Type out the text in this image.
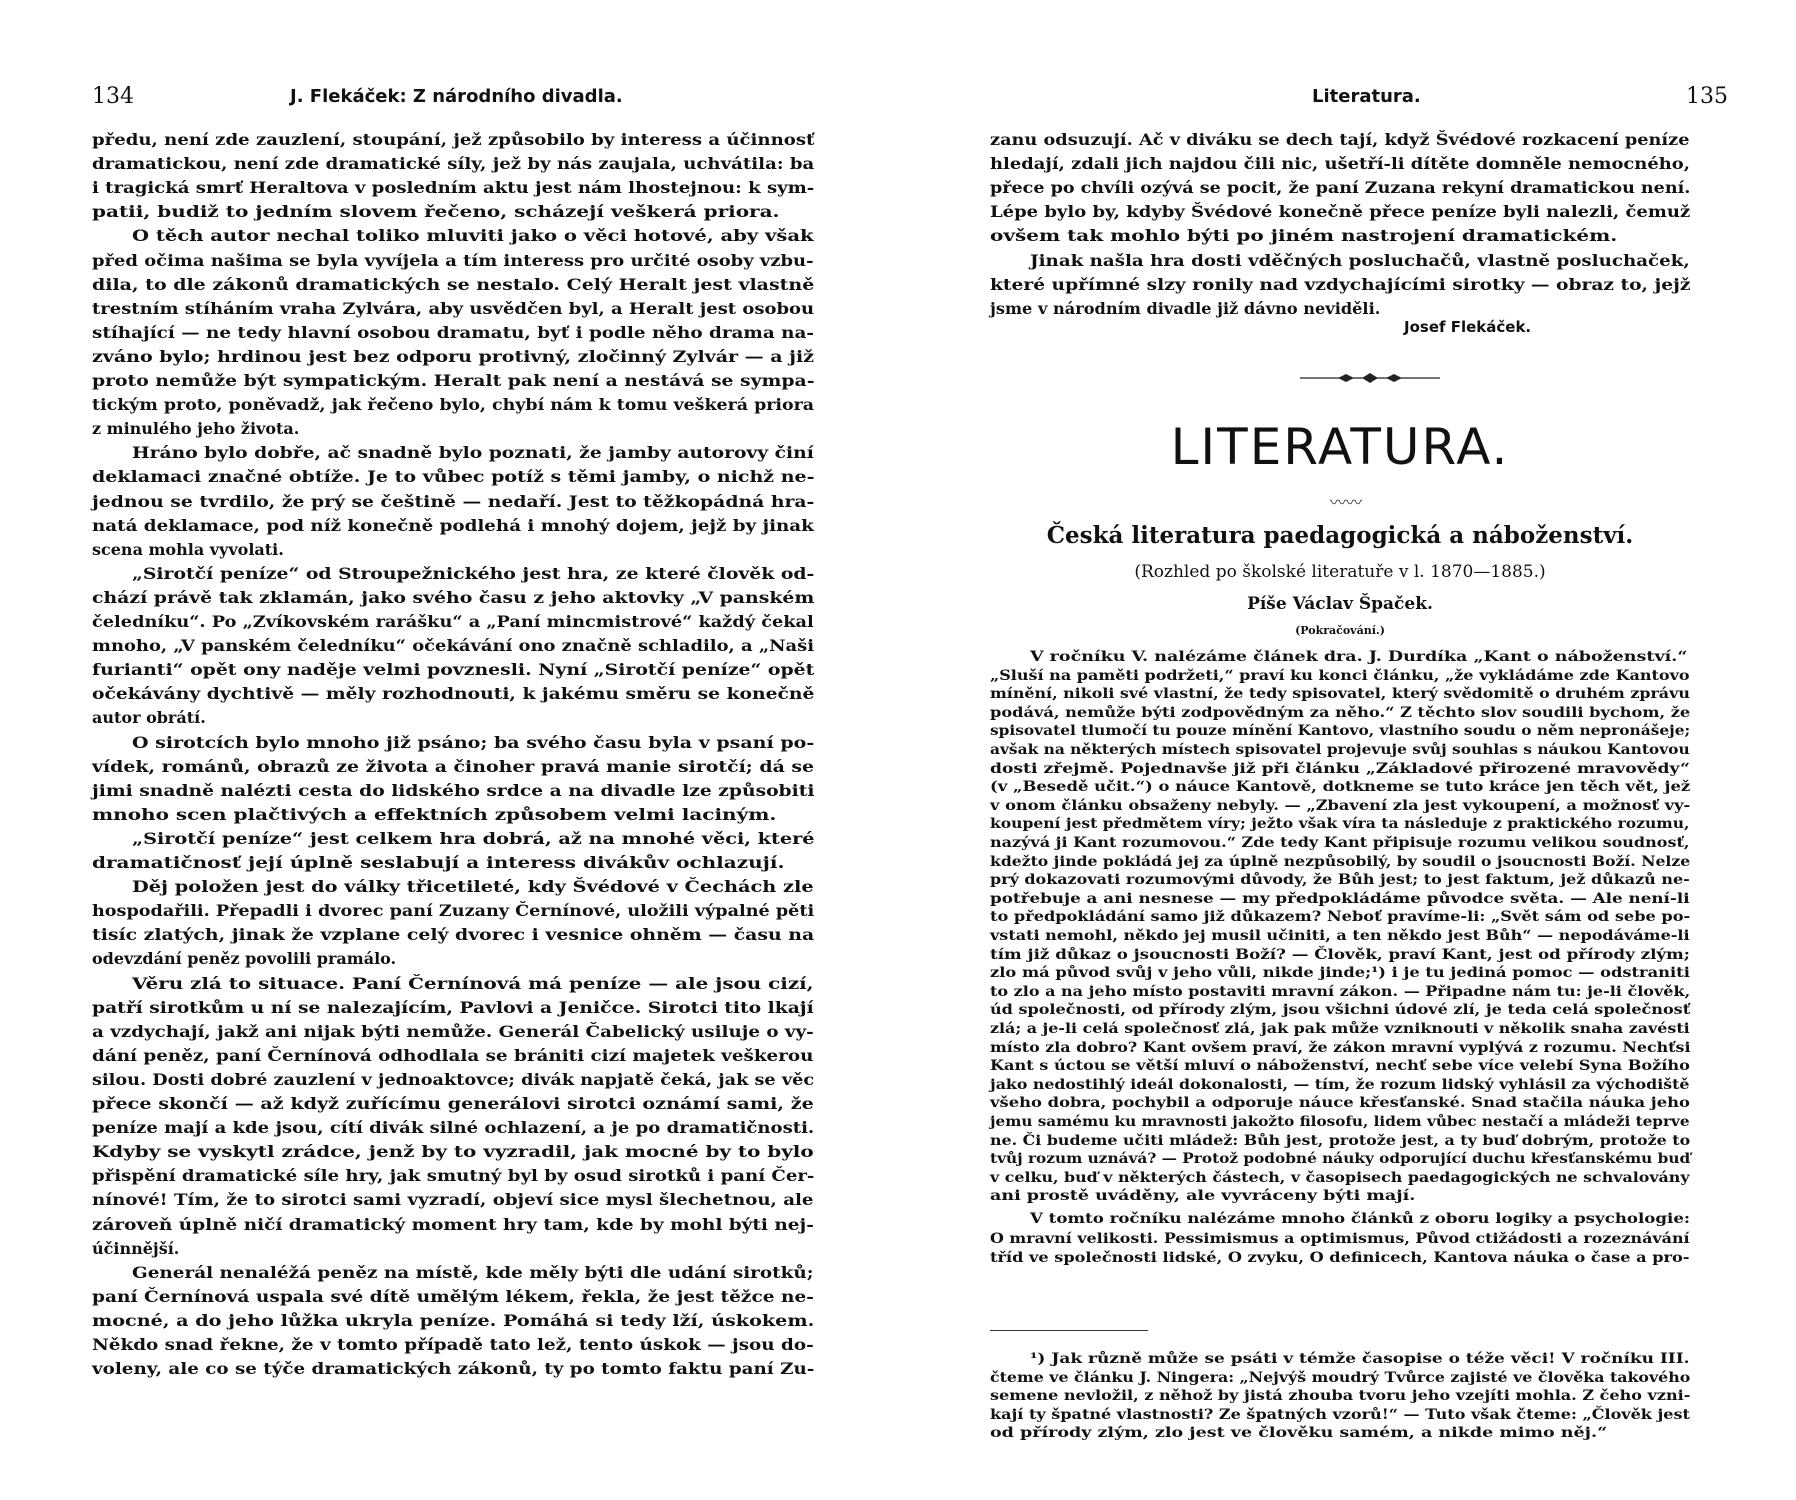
134	J. Flekáček: Z národního divadla.
předu, není zde zauzlení, stoupání, jež způsobilo by interess a účinnosť
dramatickou, není zde dramatické síly, jež by nás zaujala, uchvátila: ba
i tragická smrť Heraltova v posledním aktu jest nám lhostejnou: k sym-
patii, budiž to jedním slovem řečeno, scházejí veškerá priora.
O těch autor nechal toliko mluviti jako o věci hotové, aby však
před očima našima se byla vyvíjela a tím interess pro určité osoby vzbu-
dila, to dle zákonů dramatických se nestalo. Celý Heralt jest vlastně
trestním stíháním vraha Zylvára, aby usvědčen byl, a Heralt jest osobou
stíhající — ne tedy hlavní osobou dramatu, byť i podle něho drama na-
zváno bylo; hrdinou jest bez odporu protivný, zločinný Zylvár — a již
proto nemůže být sympatickým. Heralt pak není a nestává se sympa-
tickým proto, poněvadž, jak řečeno bylo, chybí nám k tomu veškerá priora
z minulého jeho života.
Hráno bylo dobře, ač snadně bylo poznati, že jamby autorovy činí
deklamaci značné obtíže. Je to vůbec potíž s těmi jamby, o nichž ne-
jednou se tvrdilo, že prý se češtině — nedaří. Jest to těžkopádná hra-
natá deklamace, pod níž konečně podlehá i mnohý dojem, jejž by jinak
scena mohla vyvolati.
„Sirotčí peníze“ od Stroupežnického jest hra, ze které člověk od-
chází právě tak zklamán, jako svého času z jeho aktovky „V panském
čeledníku“. Po „Zvíkovském rarášku“ a „Paní mincmistrové“ každý čekal
mnoho, „V panském čeledníku“ očekávání ono značně schladilo, a „Naši
furianti“ opět ony naděje velmi povznesli. Nyní „Sirotčí peníze“ opět
očekávány dychtivě — měly rozhodnouti, k jakému směru se konečně
autor obrátí.
O sirotcích bylo mnoho již psáno; ba svého času byla v psaní po-
vídek, románů, obrazů ze života a činoher pravá manie sirotčí; dá se
jimi snadně nalézti cesta do lidského srdce a na divadle lze způsobiti
mnoho scen plačtivých a effektních způsobem velmi laciným.
„Sirotčí peníze“ jest celkem hra dobrá, až na mnohé věci, které
dramatičnosť její úplně seslabují a interess divákův ochlazují.
Děj položen jest do války třicetileté, kdy Švédové v Čechách zle
hospodařili. Přepadli i dvorec paní Zuzany Černínové, uložili výpalné pěti
tisíc zlatých, jinak že vzplane celý dvorec i vesnice ohněm — času na
odevzdání peněz povolili pramálo.
Věru zlá to situace. Paní Černínová má peníze — ale jsou cizí,
patří sirotkům u ní se nalezajícím, Pavlovi a Jeničce. Sirotci tito lkají
a vzdychají, jakž ani nijak býti nemůže. Generál Čabelický usiluje o vy-
dání peněz, paní Černínová odhodlala se brániti cizí majetek veškerou
silou. Dosti dobré zauzlení v jednoaktovce; divák napjatě čeká, jak se věc
přece skončí — až když zuřícímu generálovi sirotci oznámí sami, že
peníze mají a kde jsou, cítí divák silné ochlazení, a je po dramatičnosti.
Kdyby se vyskytl zrádce, jenž by to vyzradil, jak mocné by to bylo
přispění dramatické síle hry, jak smutný byl by osud sirotků i paní Čer-
nínové! Tím, že to sirotci sami vyzradí, objeví sice mysl šlechetnou, ale
zároveň úplně ničí dramatický moment hry tam, kde by mohl býti nej-
účinnější.
Generál nenaléžá peněz na místě, kde měly býti dle udání sirotků;
paní Černínová uspala své dítě umělým lékem, řekla, že jest těžce ne-
mocné, a do jeho lůžka ukryla peníze. Pomáhá si tedy lží, úskokem.
Někdo snad řekne, že v tomto případě tato lež, tento úskok — jsou do-
voleny, ale co se týče dramatických zákonů, ty po tomto faktu paní Zu-
Literatura.	135
zanu odsuzují. Ač v diváku se dech tají, když Švédové rozkacení peníze
hledají, zdali jich najdou čili nic, ušetří-li dítěte domněle nemocného,
přece po chvíli ozývá se pocit, že paní Zuzana rekyní dramatickou není.
Lépe bylo by, kdyby Švédové konečně přece peníze byli nalezli, čemuž
ovšem tak mohlo býti po jiném nastrojení dramatickém.
Jinak našla hra dosti vděčných posluchačů, vlastně posluchaček,
které upřímné slzy ronily nad vzdychajícími sirotky — obraz to, jejž
jsme v národním divadle již dávno neviděli.
Josef Flekáček.
LITERATURA.
〰〰
Česká literatura paedagogická a náboženství.
(Rozhled po školské literatuře v l. 1870—1885.)
Píše Václav Špaček.
(Pokračování.)
V ročníku V. nalézáme článek dra. J. Durdíka „Kant o náboženství.“
„Sluší na paměti podržeti,“ praví ku konci článku, „že vykládáme zde Kantovo
mínění, nikoli své vlastní, že tedy spisovatel, který svědomitě o druhém zprávu
podává, nemůže býti zodpovědným za něho.“ Z těchto slov soudili bychom, že
spisovatel tlumočí tu pouze mínění Kantovo, vlastního soudu o něm nepronášeje;
avšak na některých místech spisovatel projevuje svůj souhlas s náukou Kantovou
dosti zřejmě. Pojednavše již při článku „Základové přirozené mravovědy“
(v „Besedě učit.“) o náuce Kantově, dotkneme se tuto kráce jen těch vět, jež
v onom článku obsaženy nebyly. — „Zbavení zla jest vykoupení, a možnosť vy-
koupení jest předmětem víry; ježto však víra ta následuje z praktického rozumu,
nazývá ji Kant rozumovou.“ Zde tedy Kant připisuje rozumu velikou soudnosť,
kdežto jinde pokládá jej za úplně nezpůsobilý, by soudil o jsoucnosti Boží. Nelze
prý dokazovati rozumovými důvody, že Bůh jest; to jest faktum, jež důkazů ne-
potřebuje a ani nesnese — my předpokládáme původce světa. — Ale není-li
to předpokládání samo již důkazem? Neboť pravíme-li: „Svět sám od sebe po-
vstati nemohl, někdo jej musil učiniti, a ten někdo jest Bůh“ — nepodáváme-li
tím již důkaz o jsoucnosti Boží? — Člověk, praví Kant, jest od přírody zlým;
zlo má původ svůj v jeho vůli, nikde jinde;¹) i je tu jediná pomoc — odstraniti
to zlo a na jeho místo postaviti mravní zákon. — Připadne nám tu: je-li člověk,
úd společnosti, od přírody zlým, jsou všichni údové zlí, je teda celá společnosť
zlá; a je-li celá společnosť zlá, jak pak může vzniknouti v několik snaha zavésti
místo zla dobro? Kant ovšem praví, že zákon mravní vyplývá z rozumu. Nechťsi
Kant s úctou se větší mluví o náboženství, nechť sebe více velebí Syna Božího
jako nedostihlý ideál dokonalosti, — tím, že rozum lidský vyhlásil za východiště
všeho dobra, pochybil a odporuje náuce křesťanské. Snad stačila náuka jeho
jemu samému ku mravnosti jakožto filosofu, lidem vůbec nestačí a mládeži teprve
ne. Či budeme učiti mládež: Bůh jest, protože jest, a ty buď dobrým, protože to
tvůj rozum uznává? — Protož podobné náuky odporující duchu křesťanskému buď
v celku, buď v některých částech, v časopisech paedagogických ne schvalovány
ani prostě uváděny, ale vyvráceny býti mají.
V tomto ročníku nalézáme mnoho článků z oboru logiky a psychologie:
O mravní velikosti. Pessimismus a optimismus, Původ ctižádosti a rozeznávání
tříd ve společnosti lidské, O zvyku, O definicech, Kantova náuka o čase a pro-
¹) Jak různě může se psáti v témže časopise o téže věci! V ročníku III.
čteme ve článku J. Ningera: „Nejvýš moudrý Tvůrce zajisté ve člověka takového
semene nevložil, z něhož by jistá zhouba tvoru jeho vzejíti mohla. Z čeho vzni-
kají ty špatné vlastnosti? Ze špatných vzorů!“ — Tuto však čteme: „Člověk jest
od přírody zlým, zlo jest ve člověku samém, a nikde mimo něj.“
